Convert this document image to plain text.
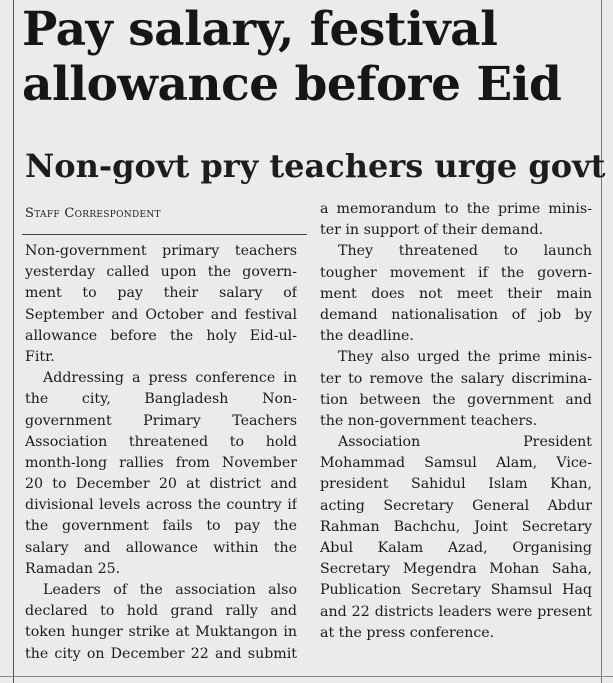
Pay salary, festival
allowance before Eid
Non-govt pry teachers urge govt
Staff Correspondent
Non-government primary teachers
yesterday called upon the govern-
ment to pay their salary of
September and October and festival
allowance before the holy Eid-ul-
Fitr.
Addressing a press conference in
the city, Bangladesh Non-
government Primary Teachers
Association threatened to hold
month-long rallies from November
20 to December 20 at district and
divisional levels across the country if
the government fails to pay the
salary and allowance within the
Ramadan 25.
Leaders of the association also
declared to hold grand rally and
token hunger strike at Muktangon in
the city on December 22 and submit
a memorandum to the prime minis-
ter in support of their demand.
They threatened to launch
tougher movement if the govern-
ment does not meet their main
demand nationalisation of job by
the deadline.
They also urged the prime minis-
ter to remove the salary discrimina-
tion between the government and
the non-government teachers.
Association President
Mohammad Samsul Alam, Vice-
president Sahidul Islam Khan,
acting Secretary General Abdur
Rahman Bachchu, Joint Secretary
Abul Kalam Azad, Organising
Secretary Megendra Mohan Saha,
Publication Secretary Shamsul Haq
and 22 districts leaders were present
at the press conference.
